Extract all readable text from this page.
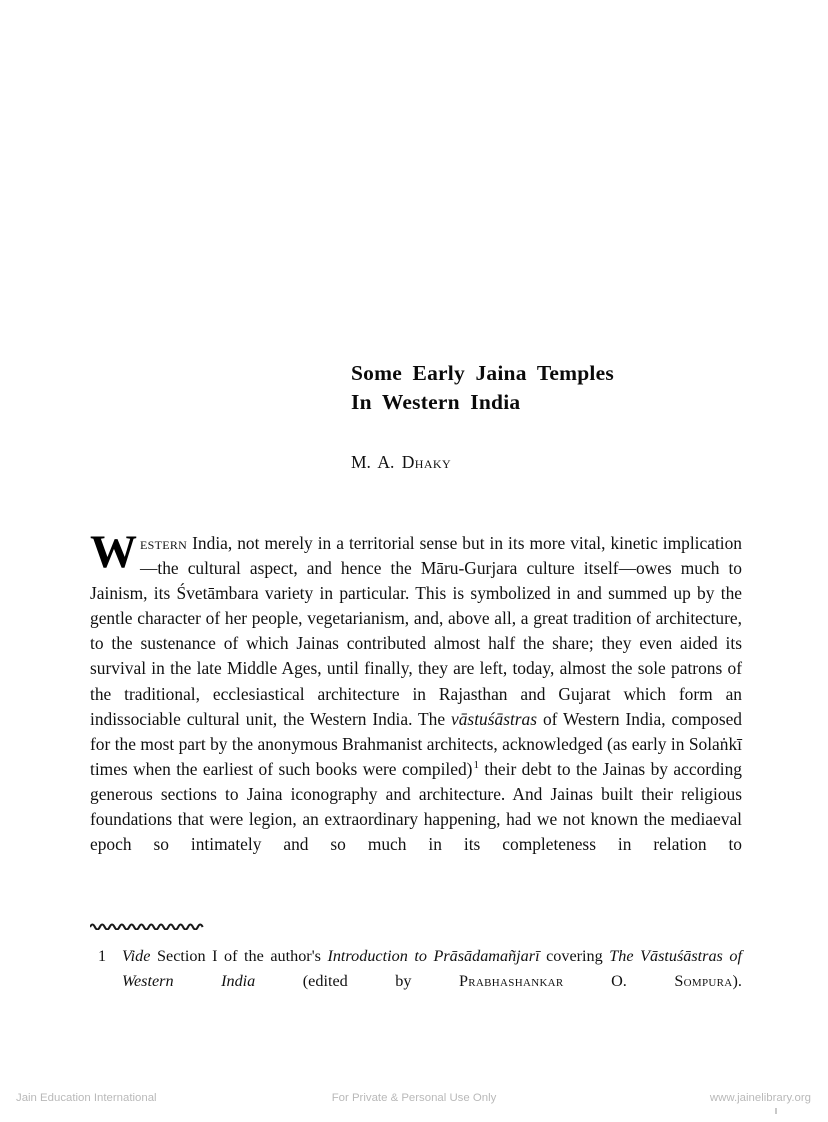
Some Early Jaina Temples
In Western India
M. A. Dhaky

Western India, not merely in a territorial sense but in its more vital, kinetic implication—the cultural aspect, and hence the Māru-Gurjara culture itself—owes much to Jainism, its Śvetāmbara variety in particular. This is symbolized in and summed up by the gentle character of her people, vegetarianism, and, above all, a great tradition of architecture, to the sustenance of which Jainas contributed almost half the share; they even aided its survival in the late Middle Ages, until finally, they are left, today, almost the sole patrons of the traditional, ecclesiastical architecture in Rajasthan and Gujarat which form an indissociable cultural unit, the Western India. The vāstuśāstras of Western India, composed for the most part by the anonymous Brahmanist architects, acknowledged (as early in Solaṅkī times when the earliest of such books were compiled)$^1$ their debt to the Jainas by according generous sections to Jaina iconography and architecture. And Jainas built their religious foundations that were legion, an extraordinary happening, had we not known the mediaeval epoch so intimately and so much in its completeness in relation to

1 Vide Section I of the author's Introduction to Prāsādamañjarī covering The Vāstuśāstras of Western India (edited by Prabhashankar O. Sompura).
Jain Education International	For Private & Personal Use Only	www.jainelibrary.org
